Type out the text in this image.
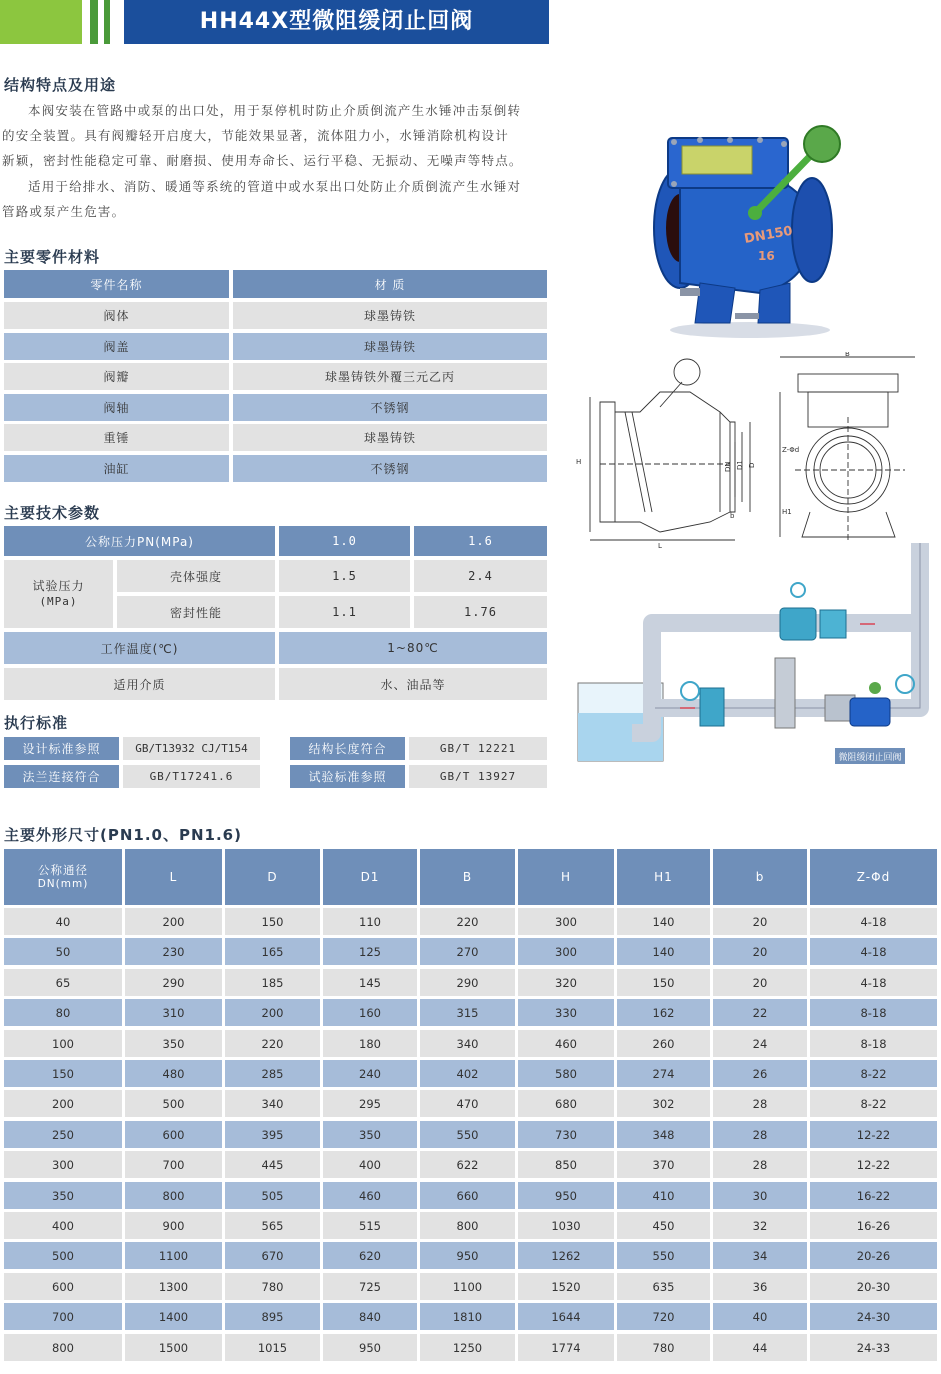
HH44X型微阻缓闭止回阀
结构特点及用途
本阀安装在管路中或泵的出口处，用于泵停机时防止介质倒流产生水锤冲击泵倒转
的安全装置。具有阀瓣轻开启度大，节能效果显著，流体阻力小，水锤消除机构设计
新颖，密封性能稳定可靠、耐磨损、使用寿命长、运行平稳、无振动、无噪声等特点。
适用于给排水、消防、暖通等系统的管道中或水泵出口处防止介质倒流产生水锤对
管路或泵产生危害。
主要零件材料
零件名称	材 质
阀体	球墨铸铁
阀盖	球墨铸铁
阀瓣	球墨铸铁外覆三元乙丙
阀轴	不锈钢
重锤	球墨铸铁
油缸	不锈钢
主要技术参数
公称压力PN(MPa)	1.0	1.6
试验压力
(MPa)
壳体强度	1.5	2.4
密封性能	1.1	1.76
工作温度(℃)	1~80℃
适用介质	水、油品等
执行标准
设计标准参照	GB/T13932 CJ/T154	结构长度符合	GB/T 12221
法兰连接符合	GB/T17241.6	试验标准参照	GB/T 13927
DN150
16
H	DN D1 D
L
b
B
Z-Φd
H1
微阻缓闭止回阀
主要外形尺寸(PN1.0、PN1.6)
公称通径
DN(mm)	L	D	D1	B	H	H1	b	Z-Φd
40	200	150	110	220	300	140	20	4-18
50	230	165	125	270	300	140	20	4-18
65	290	185	145	290	320	150	20	4-18
80	310	200	160	315	330	162	22	8-18
100	350	220	180	340	460	260	24	8-18
150	480	285	240	402	580	274	26	8-22
200	500	340	295	470	680	302	28	8-22
250	600	395	350	550	730	348	28	12-22
300	700	445	400	622	850	370	28	12-22
350	800	505	460	660	950	410	30	16-22
400	900	565	515	800	1030	450	32	16-26
500	1100	670	620	950	1262	550	34	20-26
600	1300	780	725	1100	1520	635	36	20-30
700	1400	895	840	1810	1644	720	40	24-30
800	1500	1015	950	1250	1774	780	44	24-33
